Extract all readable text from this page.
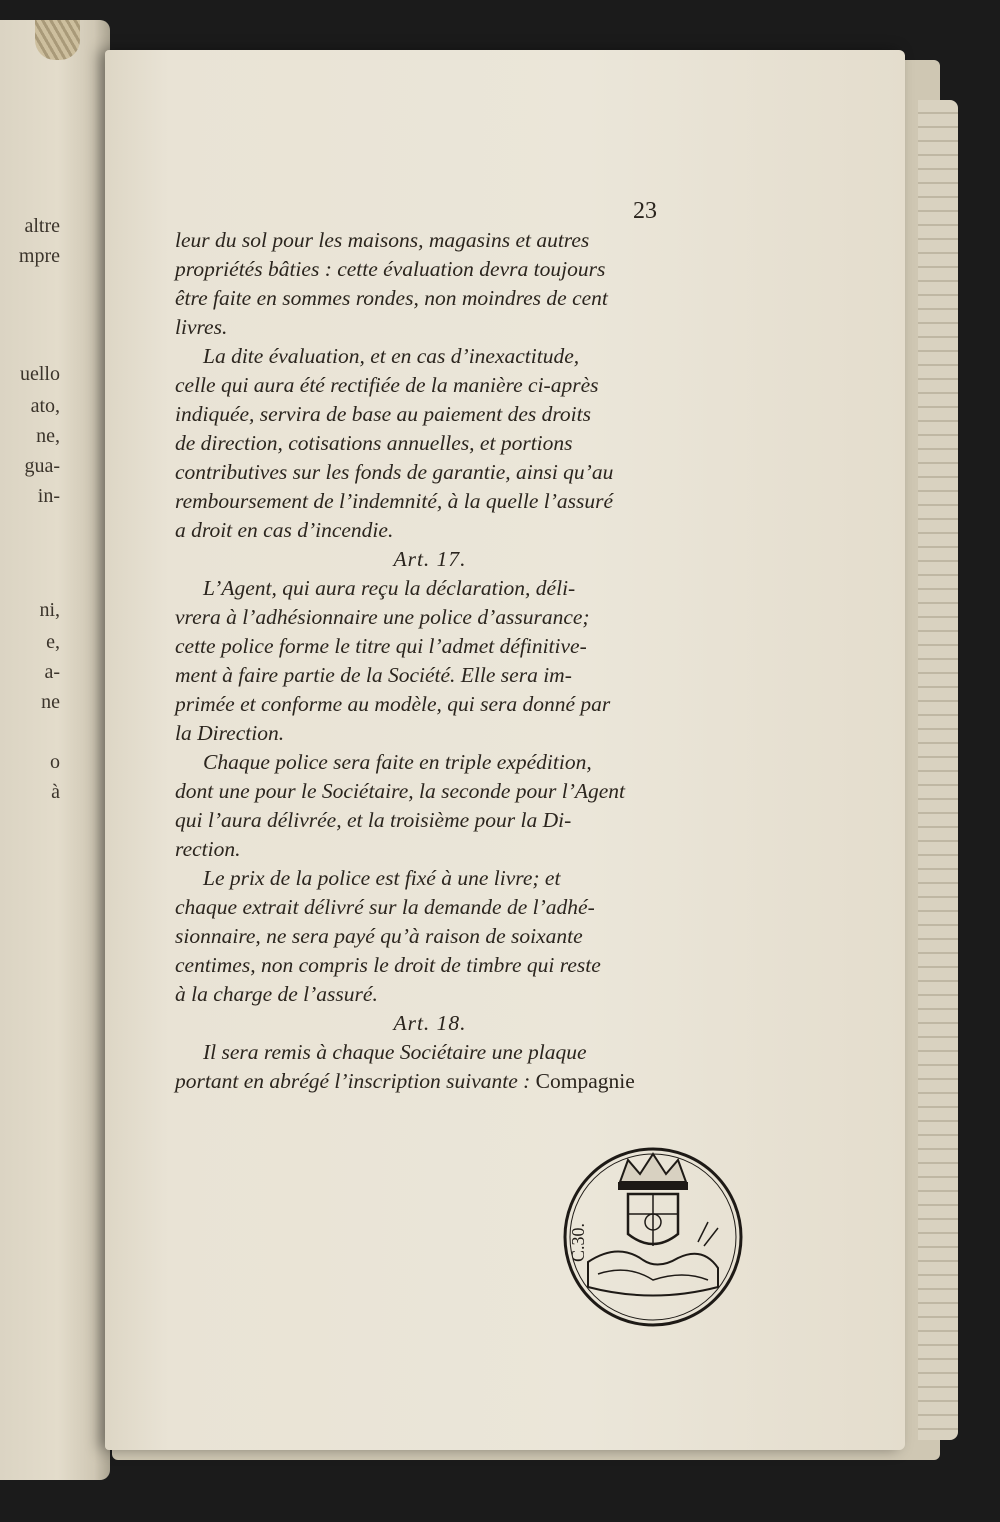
altre
mpre
uello
ato,
ne,
gua-
in-
ni,
e,
a-
ne
o
à
23

leur du sol pour les maisons, magasins et autres

propriétés bâties : cette évaluation devra toujours

être faite en sommes rondes, non moindres de cent

livres.

La dite évaluation, et en cas d’inexactitude,

celle qui aura été rectifiée de la manière ci-après

indiquée, servira de base au paiement des droits

de direction, cotisations annuelles, et portions

contributives sur les fonds de garantie, ainsi qu’au

remboursement de l’indemnité, à la quelle l’assuré

a droit en cas d’incendie.

Art. 17.

L’Agent, qui aura reçu la déclaration, déli-

vrera à l’adhésionnaire une police d’assurance;

cette police forme le titre qui l’admet définitive-

ment à faire partie de la Société. Elle sera im-

primée et conforme au modèle, qui sera donné par

la Direction.

Chaque police sera faite en triple expédition,

dont une pour le Sociétaire, la seconde pour l’Agent

qui l’aura délivrée, et la troisième pour la Di-

rection.

Le prix de la police est fixé à une livre; et

chaque extrait délivré sur la demande de l’adhé-

sionnaire, ne sera payé qu’à raison de soixante

centimes, non compris le droit de timbre qui reste

à la charge de l’assuré.

Art. 18.

Il sera remis à chaque Sociétaire une plaque

portant en abrégé l’inscription suivante : Compagnie

C.30.
